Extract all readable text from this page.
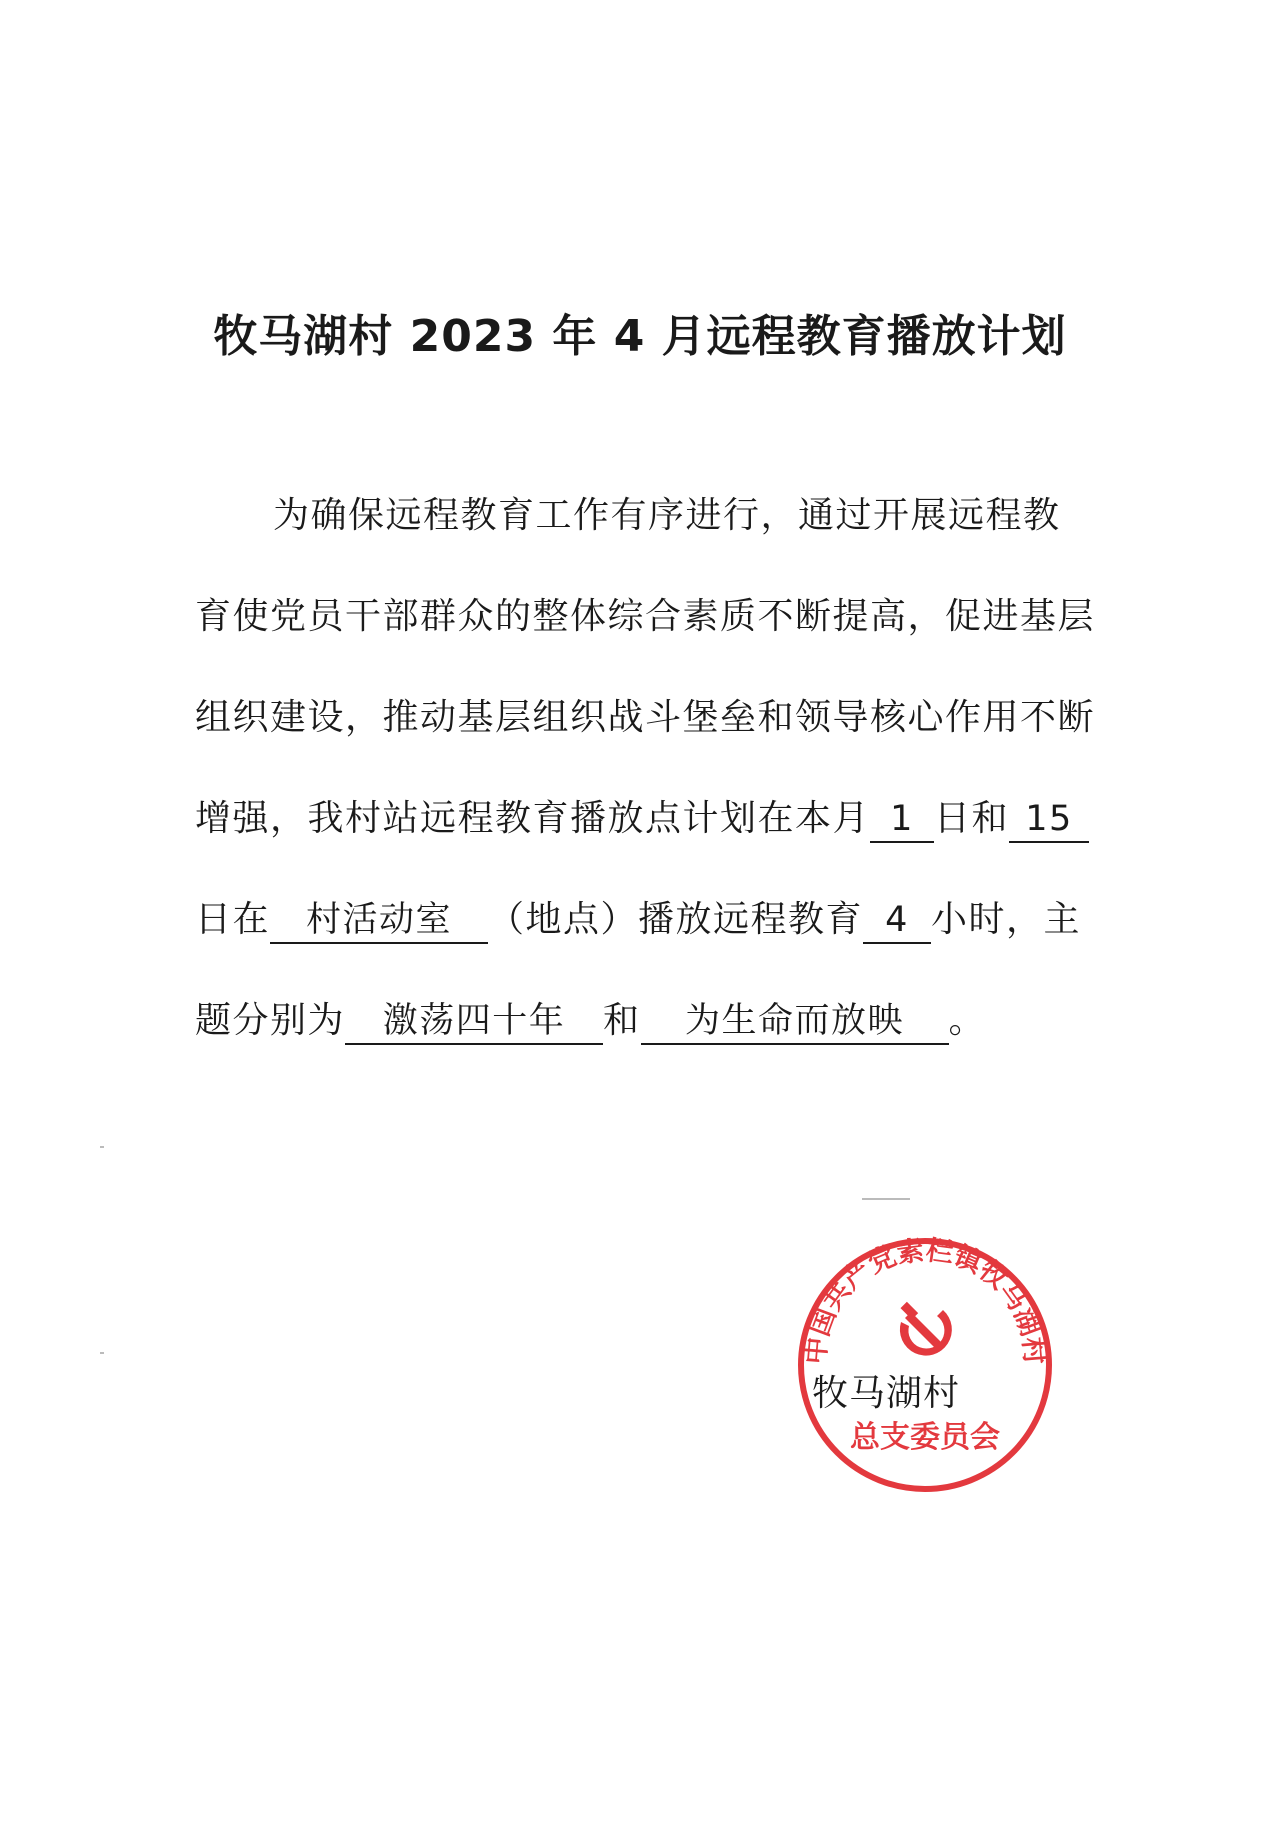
牧马湖村 2023 年 4 月远程教育播放计划
为确保远程教育工作有序进行，通过开展远程教育使党员干部群众的整体综合素质不断提高，促进基层组织建设，推动基层组织战斗堡垒和领导核心作用不断增强，我村站远程教育播放点计划在本月 1 日和 15日在 村活动室 （地点）播放远程教育 4 小时，主题分别为 激荡四十年 和 为生命而放映 。
中国共产党素栏镇牧马湖村
总支委员会
牧马湖村
